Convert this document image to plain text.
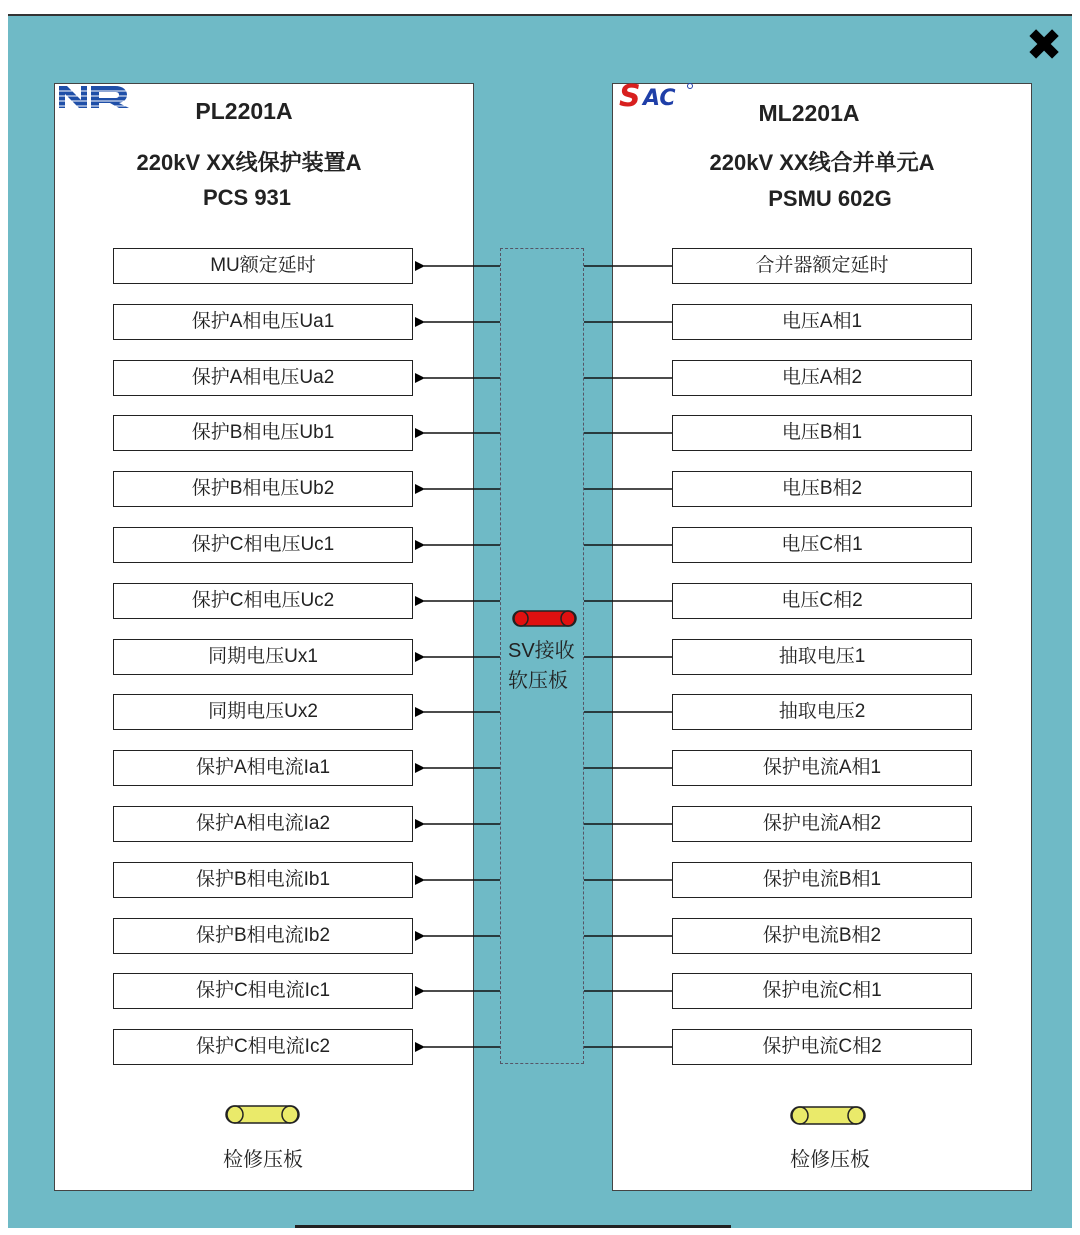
✖
PL2201A
220kV XX线保护装置A
PCS 931
MU额定延时
保护A相电压Ua1
保护A相电压Ua2
保护B相电压Ub1
保护B相电压Ub2
保护C相电压Uc1
保护C相电压Uc2
同期电压Ux1
同期电压Ux2
保护A相电流Ia1
保护A相电流Ia2
保护B相电流Ib1
保护B相电流Ib2
保护C相电流Ic1
保护C相电流Ic2
S AC
ML2201A
220kV XX线合并单元A
PSMU 602G
合并器额定延时
电压A相1
电压A相2
电压B相1
电压B相2
电压C相1
电压C相2
抽取电压1
抽取电压2
保护电流A相1
保护电流A相2
保护电流B相1
保护电流B相2
保护电流C相1
保护电流C相2
SV接收
软压板
检修压板	检修压板
